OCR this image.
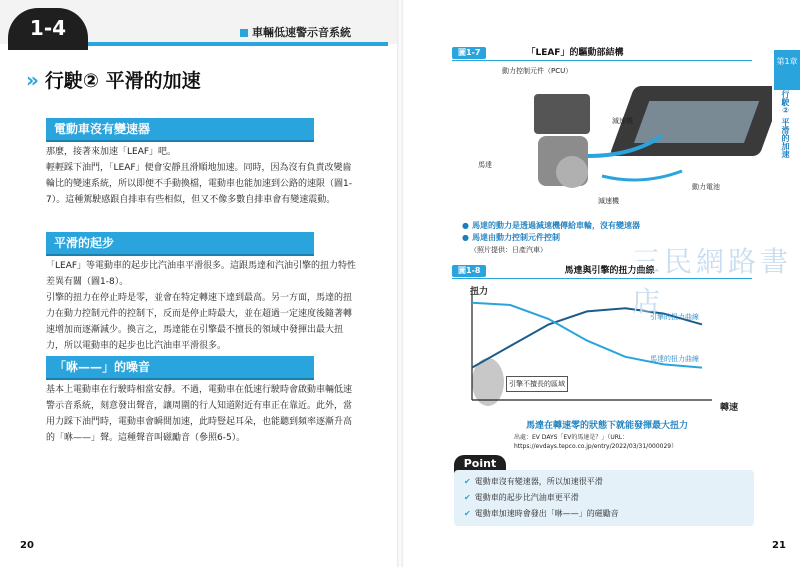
1-4	車輛低速警示音系統
» 行駛② 平滑的加速
電動車沒有變速器
那麼，接著來加速「LEAF」吧。
輕輕踩下油門，「LEAF」便會安靜且滑順地加速。同時，因為沒有負責改變齒輪比的變速系統，所以即便不手動換檔，電動車也能加速到公路的速限（圖1-7）。這種駕駛感跟自排車有些相似，但又不像多數自排車會有變速震動。
平滑的起步
「LEAF」等電動車的起步比汽油車平滑很多。這跟馬達和汽油引擎的扭力特性差異有關（圖1-8）。
引擎的扭力在停止時是零，並會在特定轉速下達到最高。另一方面，馬達的扭力在動力控制元件的控制下，反而是停止時最大，並在超過一定速度後隨著轉速增加而逐漸減少。換言之，馬達能在引擎最不擅長的領域中發揮出最大扭力，所以電動車的起步也比汽油車平滑很多。
「咻——」的噪音
基本上電動車在行駛時相當安靜。不過，電動車在低速行駛時會啟動車輛低速警示音系統，刻意發出聲音，讓周圍的行人知道附近有車正在靠近。此外，當用力踩下油門時，電動車會瞬間加速，此時豎起耳朵，也能聽到頻率逐漸升高的「咻——」聲。這種聲音叫磁勵音（參照6-5）。
20
圖1-7	「LEAF」的驅動部結構
動力控制元件（PCU）
減速機
馬達
減速機
動力電池
● 馬達的動力是透過減速機傳給車輪，沒有變速器
● 馬達由動力控制元件控制
（照片提供：日產汽車）
圖1-8	馬達與引擎的扭力曲線
扭力
轉速
引擎的扭力曲線
馬達的扭力曲線
引擎不擅長的區域
馬達在轉速零的狀態下就能發揮最大扭力
出處：EV DAYS「EV的馬達是？」（URL：https://evdays.tepco.co.jp/entry/2022/03/31/000029）
Point
✔ 電動車沒有變速器，所以加速很平滑
✔ 電動車的起步比汽油車更平滑
✔ 電動車加速時會發出「咻——」的磁勵音
三民網路書店
第1章
行駛② 平滑的加速
21
